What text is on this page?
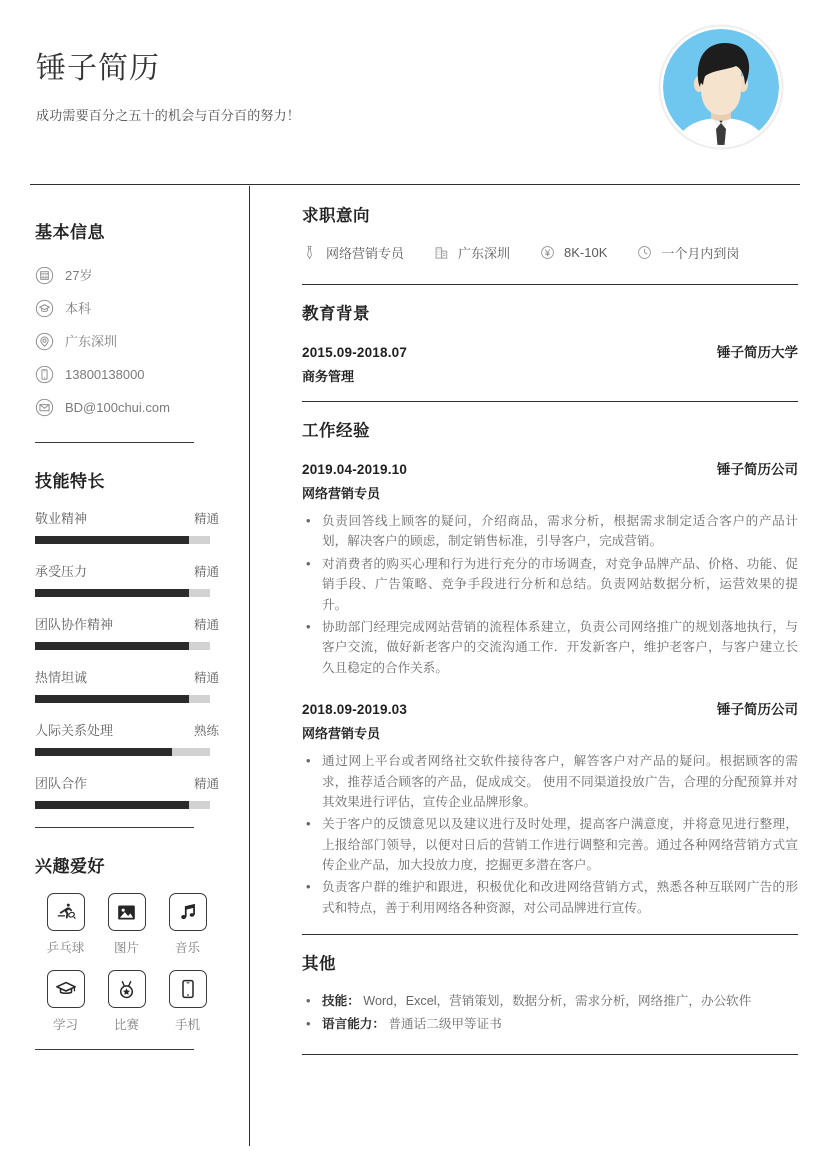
锤子简历
成功需要百分之五十的机会与百分百的努力！
基本信息
27岁
本科
广东深圳
13800138000
BD@100chui.com
技能特长
敬业精神	精通
承受压力	精通
团队协作精神	精通
热情坦诚	精通
人际关系处理	熟练
团队合作	精通
兴趣爱好
乒乓球	图片	音乐
学习	比赛	手机
求职意向
网络营销专员	广东深圳	8K-10K	一个月内到岗
教育背景
2015.09-2018.07	锤子简历大学
商务管理
工作经验
2019.04-2019.10	锤子简历公司
网络营销专员
• 负责回答线上顾客的疑问，介绍商品，需求分析，根据需求制定适合客户的产品计划，解决客户的顾虑，制定销售标准，引导客户，完成营销。
• 对消费者的购买心理和行为进行充分的市场调查，对竞争品牌产品、价格、功能、促销手段、广告策略、竞争手段进行分析和总结。负责网站数据分析，运营效果的提升。
• 协助部门经理完成网站营销的流程体系建立，负责公司网络推广的规划落地执行，与客户交流，做好新老客户的交流沟通工作．开发新客户，维护老客户，与客户建立长久且稳定的合作关系。
2018.09-2019.03	锤子简历公司
网络营销专员
• 通过网上平台或者网络社交软件接待客户，解答客户对产品的疑问。根据顾客的需求，推荐适合顾客的产品，促成成交。 使用不同渠道投放广告，合理的分配预算并对其效果进行评估，宣传企业品牌形象。
• 关于客户的反馈意见以及建议进行及时处理，提高客户满意度，并将意见进行整理，上报给部门领导，以便对日后的营销工作进行调整和完善。通过各种网络营销方式宣传企业产品，加大投放力度，挖掘更多潜在客户。
• 负责客户群的维护和跟进，积极优化和改进网络营销方式，熟悉各种互联网广告的形式和特点，善于利用网络各种资源，对公司品牌进行宣传。
其他
• 技能： Word，Excel，营销策划，数据分析，需求分析，网络推广，办公软件
• 语言能力： 普通话二级甲等证书
